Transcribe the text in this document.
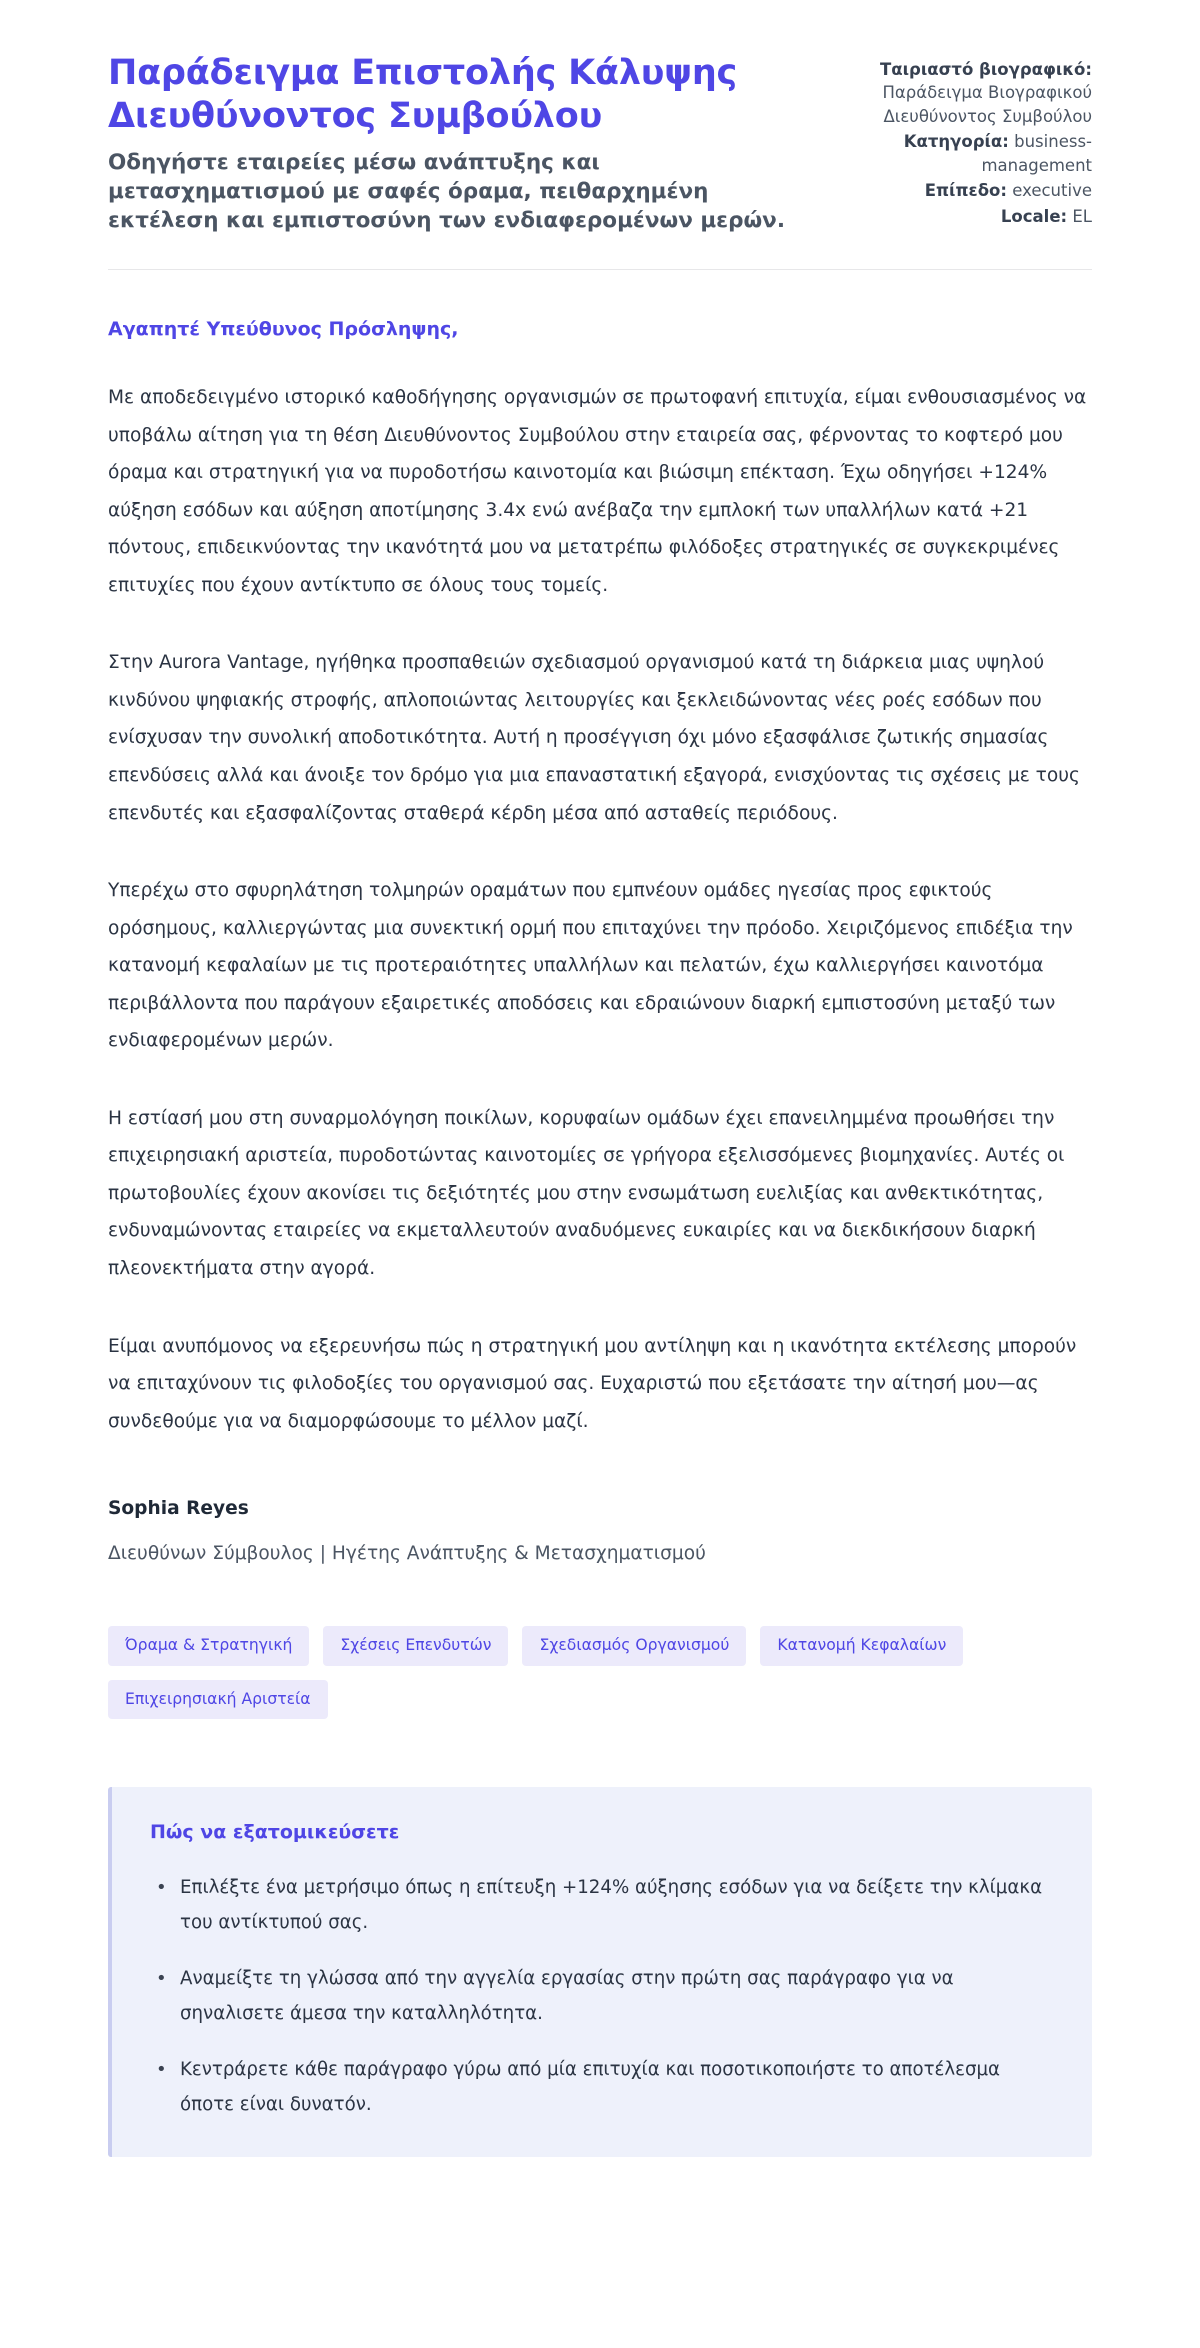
Παράδειγμα Επιστολής Κάλυψης Διευθύνοντος Συμβούλου

Οδηγήστε εταιρείες μέσω ανάπτυξης και μετασχηματισμού με σαφές όραμα, πειθαρχημένη εκτέλεση και εμπιστοσύνη των ενδιαφερομένων μερών.

Ταιριαστό βιογραφικό: Παράδειγμα Βιογραφικού Διευθύνοντος Συμβούλου
Κατηγορία: business-management
Επίπεδο: executive
Locale: EL

Αγαπητέ Υπεύθυνος Πρόσληψης,

Με αποδεδειγμένο ιστορικό καθοδήγησης οργανισμών σε πρωτοφανή επιτυχία, είμαι ενθουσιασμένος να υποβάλω αίτηση για τη θέση Διευθύνοντος Συμβούλου στην εταιρεία σας, φέρνοντας το κοφτερό μου όραμα και στρατηγική για να πυροδοτήσω καινοτομία και βιώσιμη επέκταση. Έχω οδηγήσει +124% αύξηση εσόδων και αύξηση αποτίμησης 3.4x ενώ ανέβαζα την εμπλοκή των υπαλλήλων κατά +21 πόντους, επιδεικνύοντας την ικανότητά μου να μετατρέπω φιλόδοξες στρατηγικές σε συγκεκριμένες επιτυχίες που έχουν αντίκτυπο σε όλους τους τομείς.

Στην Aurora Vantage, ηγήθηκα προσπαθειών σχεδιασμού οργανισμού κατά τη διάρκεια μιας υψηλού κινδύνου ψηφιακής στροφής, απλοποιώντας λειτουργίες και ξεκλειδώνοντας νέες ροές εσόδων που ενίσχυσαν την συνολική αποδοτικότητα. Αυτή η προσέγγιση όχι μόνο εξασφάλισε ζωτικής σημασίας επενδύσεις αλλά και άνοιξε τον δρόμο για μια επαναστατική εξαγορά, ενισχύοντας τις σχέσεις με τους επενδυτές και εξασφαλίζοντας σταθερά κέρδη μέσα από ασταθείς περιόδους.

Υπερέχω στο σφυρηλάτηση τολμηρών οραμάτων που εμπνέουν ομάδες ηγεσίας προς εφικτούς ορόσημους, καλλιεργώντας μια συνεκτική ορμή που επιταχύνει την πρόοδο. Χειριζόμενος επιδέξια την κατανομή κεφαλαίων με τις προτεραιότητες υπαλλήλων και πελατών, έχω καλλιεργήσει καινοτόμα περιβάλλοντα που παράγουν εξαιρετικές αποδόσεις και εδραιώνουν διαρκή εμπιστοσύνη μεταξύ των ενδιαφερομένων μερών.

Η εστίασή μου στη συναρμολόγηση ποικίλων, κορυφαίων ομάδων έχει επανειλημμένα προωθήσει την επιχειρησιακή αριστεία, πυροδοτώντας καινοτομίες σε γρήγορα εξελισσόμενες βιομηχανίες. Αυτές οι πρωτοβουλίες έχουν ακονίσει τις δεξιότητές μου στην ενσωμάτωση ευελιξίας και ανθεκτικότητας, ενδυναμώνοντας εταιρείες να εκμεταλλευτούν αναδυόμενες ευκαιρίες και να διεκδικήσουν διαρκή πλεονεκτήματα στην αγορά.

Είμαι ανυπόμονος να εξερευνήσω πώς η στρατηγική μου αντίληψη και η ικανότητα εκτέλεσης μπορούν να επιταχύνουν τις φιλοδοξίες του οργανισμού σας. Ευχαριστώ που εξετάσατε την αίτησή μου—ας συνδεθούμε για να διαμορφώσουμε το μέλλον μαζί.

Sophia Reyes

Διευθύνων Σύμβουλος | Ηγέτης Ανάπτυξης & Μετασχηματισμού

Όραμα & Στρατηγική	Σχέσεις Επενδυτών	Σχεδιασμός Οργανισμού	Κατανομή Κεφαλαίων
Επιχειρησιακή Αριστεία
Πώς να εξατομικεύσετε
• Επιλέξτε ένα μετρήσιμο όπως η επίτευξη +124% αύξησης εσόδων για να δείξετε την κλίμακα του αντίκτυπού σας.
• Αναμείξτε τη γλώσσα από την αγγελία εργασίας στην πρώτη σας παράγραφο για να σηναλισετε άμεσα την καταλληλότητα.
• Κεντράρετε κάθε παράγραφο γύρω από μία επιτυχία και ποσοτικοποιήστε το αποτέλεσμα όποτε είναι δυνατόν.
